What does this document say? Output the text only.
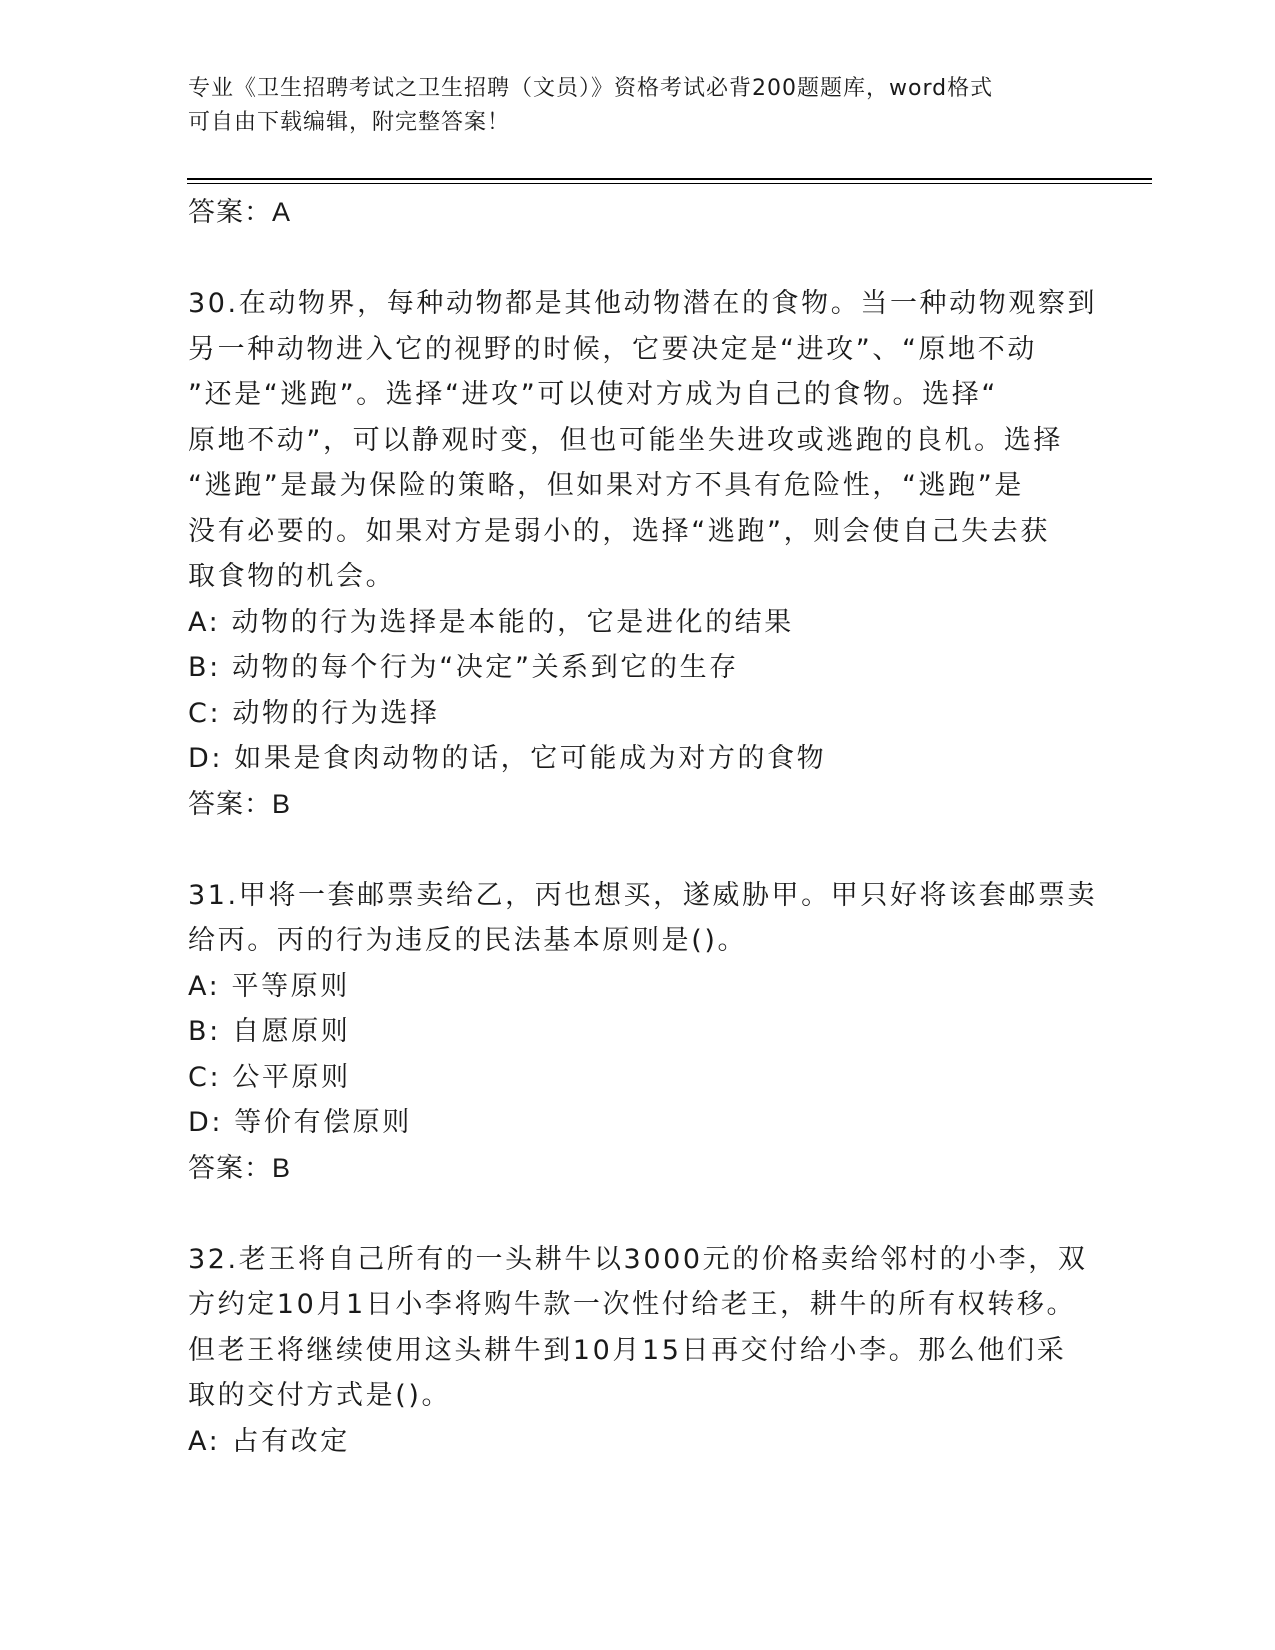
专业《卫生招聘考试之卫生招聘（文员）》资格考试必背200题题库，word格式

可自由下载编辑，附完整答案！

答案：A

30.在动物界，每种动物都是其他动物潜在的食物。当一种动物观察到

另一种动物进入它的视野的时候，它要决定是“进攻”、“原地不动

”还是“逃跑”。选择“进攻”可以使对方成为自己的食物。选择“

原地不动”，可以静观时变，但也可能坐失进攻或逃跑的良机。选择

“逃跑”是最为保险的策略，但如果对方不具有危险性，“逃跑”是

没有必要的。如果对方是弱小的，选择“逃跑”，则会使自己失去获

取食物的机会。

A: 动物的行为选择是本能的，它是进化的结果

B: 动物的每个行为“决定”关系到它的生存

C: 动物的行为选择

D: 如果是食肉动物的话，它可能成为对方的食物

答案：B

31.甲将一套邮票卖给乙，丙也想买，遂威胁甲。甲只好将该套邮票卖

给丙。丙的行为违反的民法基本原则是()。

A: 平等原则

B: 自愿原则

C: 公平原则

D: 等价有偿原则

答案：B

32.老王将自己所有的一头耕牛以3000元的价格卖给邻村的小李，双

方约定10月1日小李将购牛款一次性付给老王，耕牛的所有权转移。

但老王将继续使用这头耕牛到10月15日再交付给小李。那么他们采

取的交付方式是()。

A: 占有改定
